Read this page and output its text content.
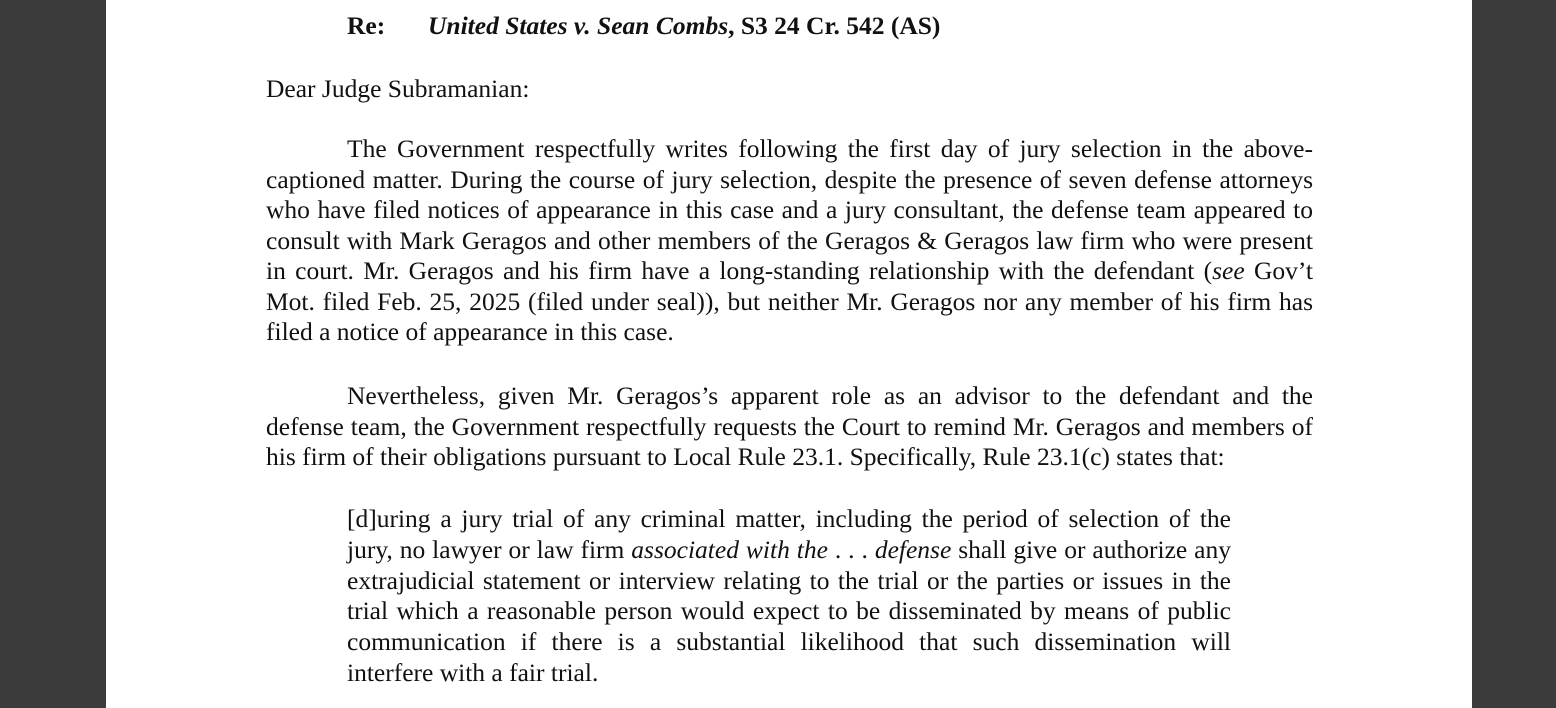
Re: United States v. Sean Combs, S3 24 Cr. 542 (AS)
Dear Judge Subramanian:
The Government respectfully writes following the first day of jury selection in the above-captioned matter. During the course of jury selection, despite the presence of seven defense attorneys who have filed notices of appearance in this case and a jury consultant, the defense team appeared to consult with Mark Geragos and other members of the Geragos & Geragos law firm who were present in court. Mr. Geragos and his firm have a long-standing relationship with the defendant (see Gov’t Mot. filed Feb. 25, 2025 (filed under seal)), but neither Mr. Geragos nor any member of his firm has filed a notice of appearance in this case.
Nevertheless, given Mr. Geragos’s apparent role as an advisor to the defendant and the defense team, the Government respectfully requests the Court to remind Mr. Geragos and members of his firm of their obligations pursuant to Local Rule 23.1. Specifically, Rule 23.1(c) states that:
[d]uring a jury trial of any criminal matter, including the period of selection of the jury, no lawyer or law firm associated with the . . . defense shall give or authorize any extrajudicial statement or interview relating to the trial or the parties or issues in the trial which a reasonable person would expect to be disseminated by means of public communication if there is a substantial likelihood that such dissemination will interfere with a fair trial.
